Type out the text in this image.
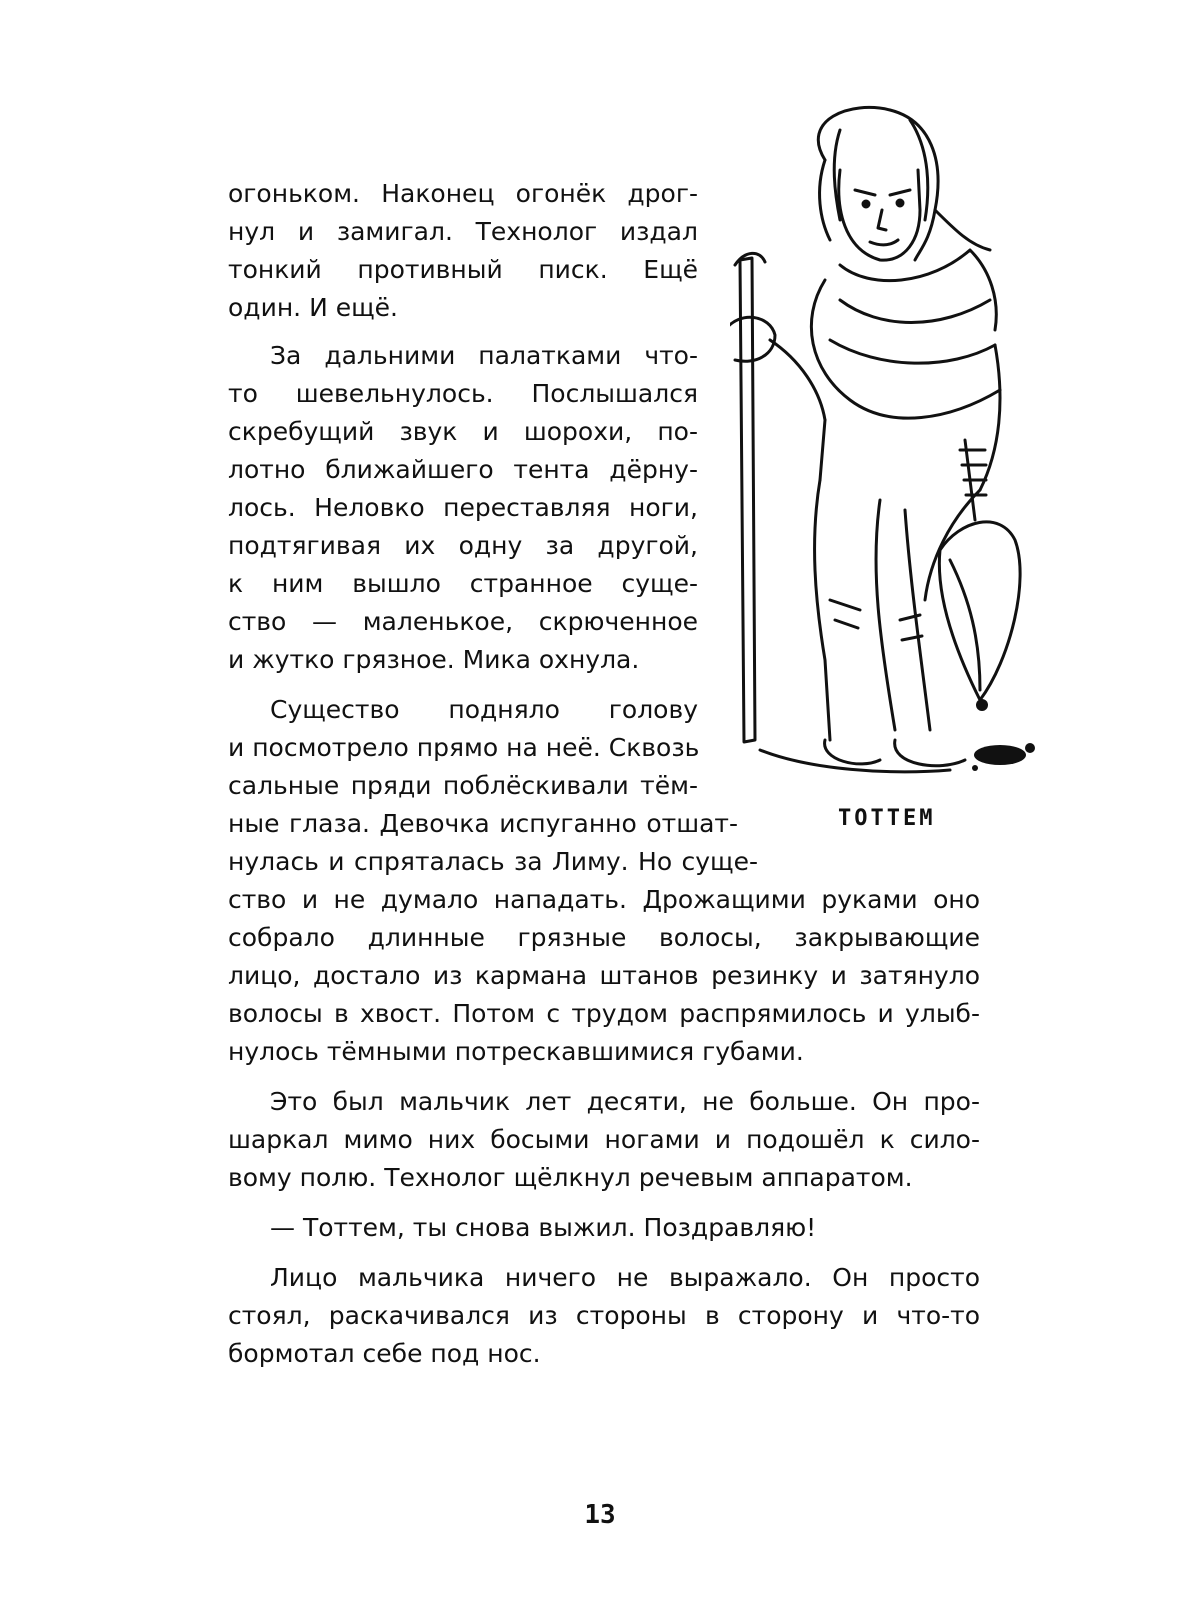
огоньком. Наконец огонёк дрог-
нул и замигал. Технолог издал
тонкий противный писк. Ещё
один. И ещё.
За дальними палатками что-
то шевельнулось. Послышался
скребущий звук и шорохи, по-
лотно ближайшего тента дёрну-
лось. Неловко переставляя ноги,
подтягивая их одну за другой,
к ним вышло странное суще-
ство — маленькое, скрюченное
и жутко грязное. Мика охнула.
Существо подняло голову
и посмотрело прямо на неё. Сквозь
сальные пряди поблёскивали тём-
ные глаза. Девочка испуганно отшат-
нулась и спряталась за Лиму. Но суще-
ство и не думало нападать. Дрожащими руками оно
собрало длинные грязные волосы, закрывающие
лицо, достало из кармана штанов резинку и затянуло
волосы в хвост. Потом с трудом распрямилось и улыб-
нулось тёмными потрескавшимися губами.
Это был мальчик лет десяти, не больше. Он про-
шаркал мимо них босыми ногами и подошёл к сило-
вому полю. Технолог щёлкнул речевым аппаратом.
— Тоттем, ты снова выжил. Поздравляю!
Лицо мальчика ничего не выражало. Он просто
стоял, раскачивался из стороны в сторону и что-то
бормотал себе под нос.
ТОТТЕМ
13
